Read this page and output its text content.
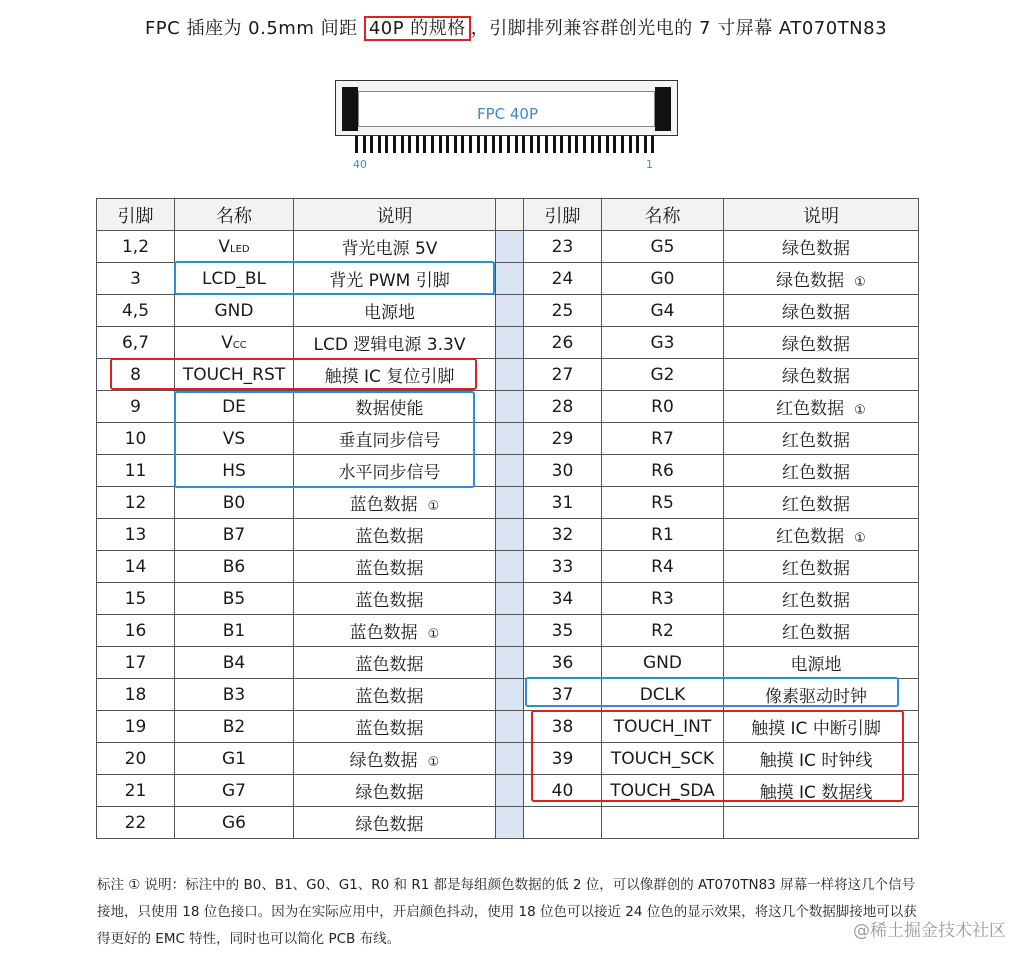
FPC 插座为 0.5mm 间距 40P 的规格 ，引脚排列兼容群创光电的 7 寸屏幕 AT070TN83
FPC 40P
40	1
引脚	名称	说明		引脚	名称	说明
1,2	VLED	背光电源 5V		23	G5	绿色数据
3	LCD_BL	背光 PWM 引脚		24	G0	绿色数据 ①
4,5	GND	电源地		25	G4	绿色数据
6,7	VCC	LCD 逻辑电源 3.3V		26	G3	绿色数据
8	TOUCH_RST	触摸 IC 复位引脚		27	G2	绿色数据
9	DE	数据使能		28	R0	红色数据 ①
10	VS	垂直同步信号		29	R7	红色数据
11	HS	水平同步信号		30	R6	红色数据
12	B0	蓝色数据 ①		31	R5	红色数据
13	B7	蓝色数据		32	R1	红色数据 ①
14	B6	蓝色数据		33	R4	红色数据
15	B5	蓝色数据		34	R3	红色数据
16	B1	蓝色数据 ①		35	R2	红色数据
17	B4	蓝色数据		36	GND	电源地
18	B3	蓝色数据		37	DCLK	像素驱动时钟
19	B2	蓝色数据		38	TOUCH_INT	触摸 IC 中断引脚
20	G1	绿色数据 ①		39	TOUCH_SCK	触摸 IC 时钟线
21	G7	绿色数据		40	TOUCH_SDA	触摸 IC 数据线
22	G6	绿色数据				
标注 ① 说明：标注中的 B0、B1、G0、G1、R0 和 R1 都是每组颜色数据的低 2 位，可以像群创的 AT070TN83 屏幕一样将这几个信号接地，只使用 18 位色接口。因为在实际应用中，开启颜色抖动，使用 18 位色可以接近 24 位色的显示效果，将这几个数据脚接地可以获得更好的 EMC 特性，同时也可以简化 PCB 布线。	@稀土掘金技术社区
